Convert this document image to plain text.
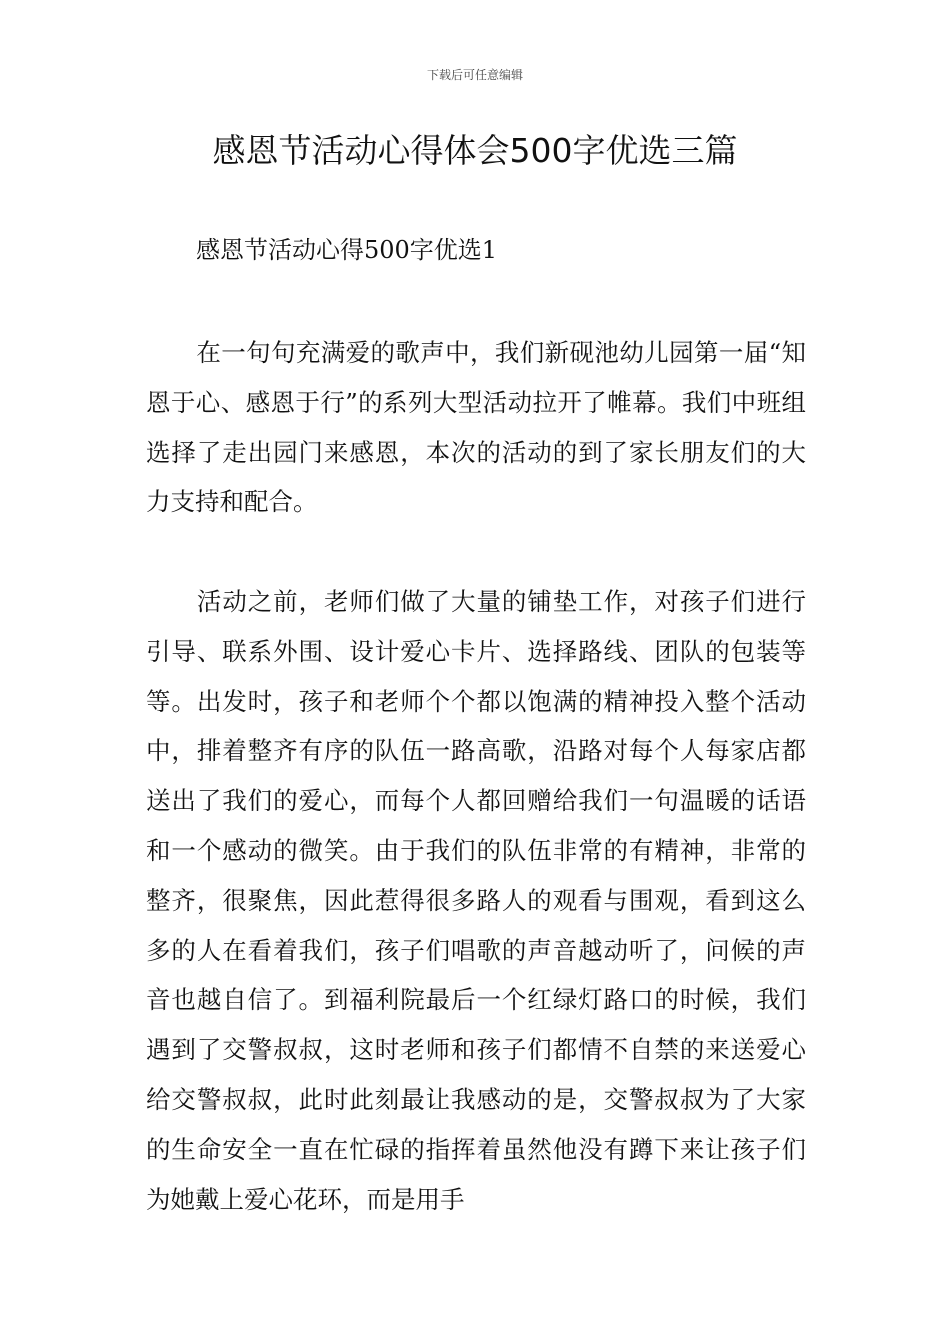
下载后可任意编辑
感恩节活动心得体会500字优选三篇
感恩节活动心得500字优选1

在一句句充满爱的歌声中，我们新砚池幼儿园第一届“知恩于心、感恩于行”的系列大型活动拉开了帷幕。我们中班组选择了走出园门来感恩，本次的活动的到了家长朋友们的大力支持和配合。

活动之前，老师们做了大量的铺垫工作，对孩子们进行引导、联系外围、设计爱心卡片、选择路线、团队的包装等等。出发时，孩子和老师个个都以饱满的精神投入整个活动中，排着整齐有序的队伍一路高歌，沿路对每个人每家店都送出了我们的爱心，而每个人都回赠给我们一句温暖的话语和一个感动的微笑。由于我们的队伍非常的有精神，非常的整齐，很聚焦，因此惹得很多路人的观看与围观，看到这么多的人在看着我们，孩子们唱歌的声音越动听了，问候的声音也越自信了。到福利院最后一个红绿灯路口的时候，我们遇到了交警叔叔，这时老师和孩子们都情不自禁的来送爱心给交警叔叔，此时此刻最让我感动的是，交警叔叔为了大家的生命安全一直在忙碌的指挥着虽然他没有蹲下来让孩子们为她戴上爱心花环，而是用手
